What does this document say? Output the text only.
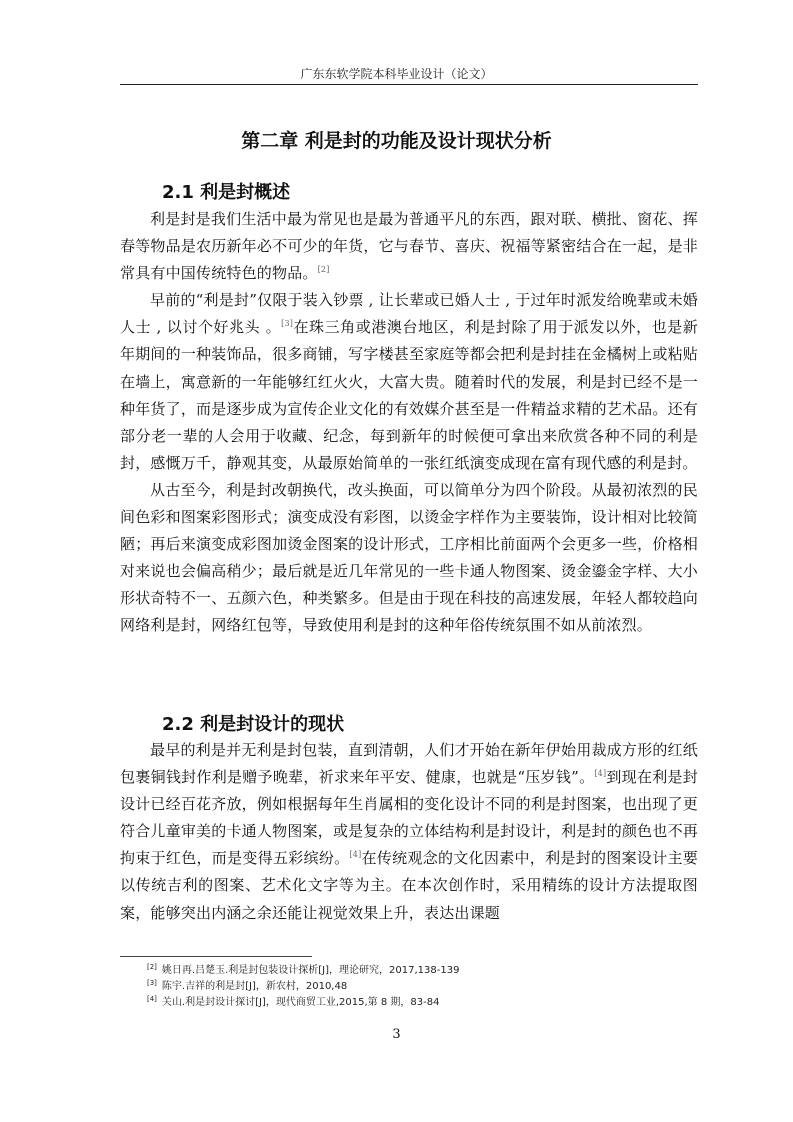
广东东软学院本科毕业设计（论文）
第二章 利是封的功能及设计现状分析
2.1 利是封概述

利是封是我们生活中最为常见也是最为普通平凡的东西，跟对联、横批、窗花、挥春等物品是农历新年必不可少的年货，它与春节、喜庆、祝福等紧密结合在一起，是非常具有中国传统特色的物品。[2]

早前的“利是封”仅限于装入钞票 , 让长辈或已婚人士 , 于过年时派发给晚辈或未婚人士 , 以讨个好兆头 。[3]在珠三角或港澳台地区，利是封除了用于派发以外，也是新年期间的一种装饰品，很多商铺，写字楼甚至家庭等都会把利是封挂在金橘树上或粘贴在墙上，寓意新的一年能够红红火火，大富大贵。随着时代的发展，利是封已经不是一种年货了，而是逐步成为宣传企业文化的有效媒介甚至是一件精益求精的艺术品。还有部分老一辈的人会用于收藏、纪念，每到新年的时候便可拿出来欣赏各种不同的利是封，感慨万千，静观其变，从最原始简单的一张红纸演变成现在富有现代感的利是封。

从古至今，利是封改朝换代，改头换面，可以简单分为四个阶段。从最初浓烈的民间色彩和图案彩图形式；演变成没有彩图，以烫金字样作为主要装饰，设计相对比较简陋；再后来演变成彩图加烫金图案的设计形式，工序相比前面两个会更多一些，价格相对来说也会偏高稍少；最后就是近几年常见的一些卡通人物图案、烫金鎏金字样、大小形状奇特不一、五颜六色，种类繁多。但是由于现在科技的高速发展，年轻人都较趋向网络利是封，网络红包等，导致使用利是封的这种年俗传统氛围不如从前浓烈。

2.2 利是封设计的现状

最早的利是并无利是封包装，直到清朝，人们才开始在新年伊始用裁成方形的红纸包裹铜钱封作利是赠予晚辈，祈求来年平安、健康，也就是“压岁钱”。[4]到现在利是封设计已经百花齐放，例如根据每年生肖属相的变化设计不同的利是封图案，也出现了更符合儿童审美的卡通人物图案，或是复杂的立体结构利是封设计，利是封的颜色也不再拘束于红色，而是变得五彩缤纷。[4]在传统观念的文化因素中，利是封的图案设计主要以传统吉利的图案、艺术化文字等为主。在本次创作时，采用精练的设计方法提取图案，能够突出内涵之余还能让视觉效果上升，表达出课题

[2] 姚日再.吕楚玉.利是封包装设计探析[J]，理论研究，2017,138-139
[3] 陈宇.吉祥的利是封[J]，新农村，2010,48
[4] 关山.利是封设计探讨[J]，现代商贸工业,2015,第 8 期，83-84
3
